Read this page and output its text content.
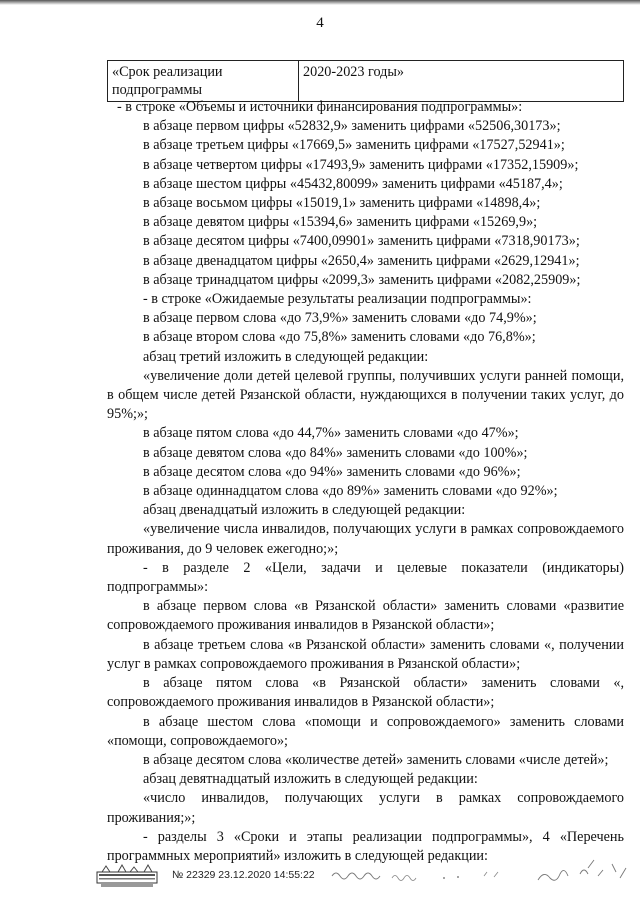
4
«Срок реализации подпрограммы	2020-2023 годы»

- в строке «Объемы и источники финансирования подпрограммы»:

в абзаце первом цифры «52832,9» заменить цифрами «52506,30173»;

в абзаце третьем цифры «17669,5» заменить цифрами «17527,52941»;

в абзаце четвертом цифры «17493,9» заменить цифрами «17352,15909»;

в абзаце шестом цифры «45432,80099» заменить цифрами «45187,4»;

в абзаце восьмом цифры «15019,1» заменить цифрами «14898,4»;

в абзаце девятом цифры «15394,6» заменить цифрами «15269,9»;

в абзаце десятом цифры «7400,09901» заменить цифрами «7318,90173»;

в абзаце двенадцатом цифры «2650,4» заменить цифрами «2629,12941»;

в абзаце тринадцатом цифры «2099,3» заменить цифрами «2082,25909»;

- в строке «Ожидаемые результаты реализации подпрограммы»:

в абзаце первом слова «до 73,9%» заменить словами «до 74,9%»;

в абзаце втором слова «до 75,8%» заменить словами «до 76,8%»;

абзац третий изложить в следующей редакции:

«увеличение доли детей целевой группы, получивших услуги ранней помощи, в общем числе детей Рязанской области, нуждающихся в получении таких услуг, до 95%;»;

в абзаце пятом слова «до 44,7%» заменить словами «до 47%»;

в абзаце девятом слова «до 84%» заменить словами «до 100%»;

в абзаце десятом слова «до 94%» заменить словами «до 96%»;

в абзаце одиннадцатом слова «до 89%» заменить словами «до 92%»;

абзац двенадцатый изложить в следующей редакции:

«увеличение числа инвалидов, получающих услуги в рамках сопровождаемого проживания, до 9 человек ежегодно;»;

- в разделе 2 «Цели, задачи и целевые показатели (индикаторы) подпрограммы»:

в абзаце первом слова «в Рязанской области» заменить словами «развитие сопровождаемого проживания инвалидов в Рязанской области»;

в абзаце третьем слова «в Рязанской области» заменить словами «, получении услуг в рамках сопровождаемого проживания в Рязанской области»;

в абзаце пятом слова «в Рязанской области» заменить словами «, сопровождаемого проживания инвалидов в Рязанской области»;

в абзаце шестом слова «помощи и сопровождаемого» заменить словами «помощи, сопровождаемого»;

в абзаце десятом слова «количестве детей» заменить словами «числе детей»;

абзац девятнадцатый изложить в следующей редакции:

«число инвалидов, получающих услуги в рамках сопровождаемого проживания;»;

- разделы 3 «Сроки и этапы реализации подпрограммы», 4 «Перечень программных мероприятий» изложить в следующей редакции:

№ 22329 23.12.2020 14:55:22
